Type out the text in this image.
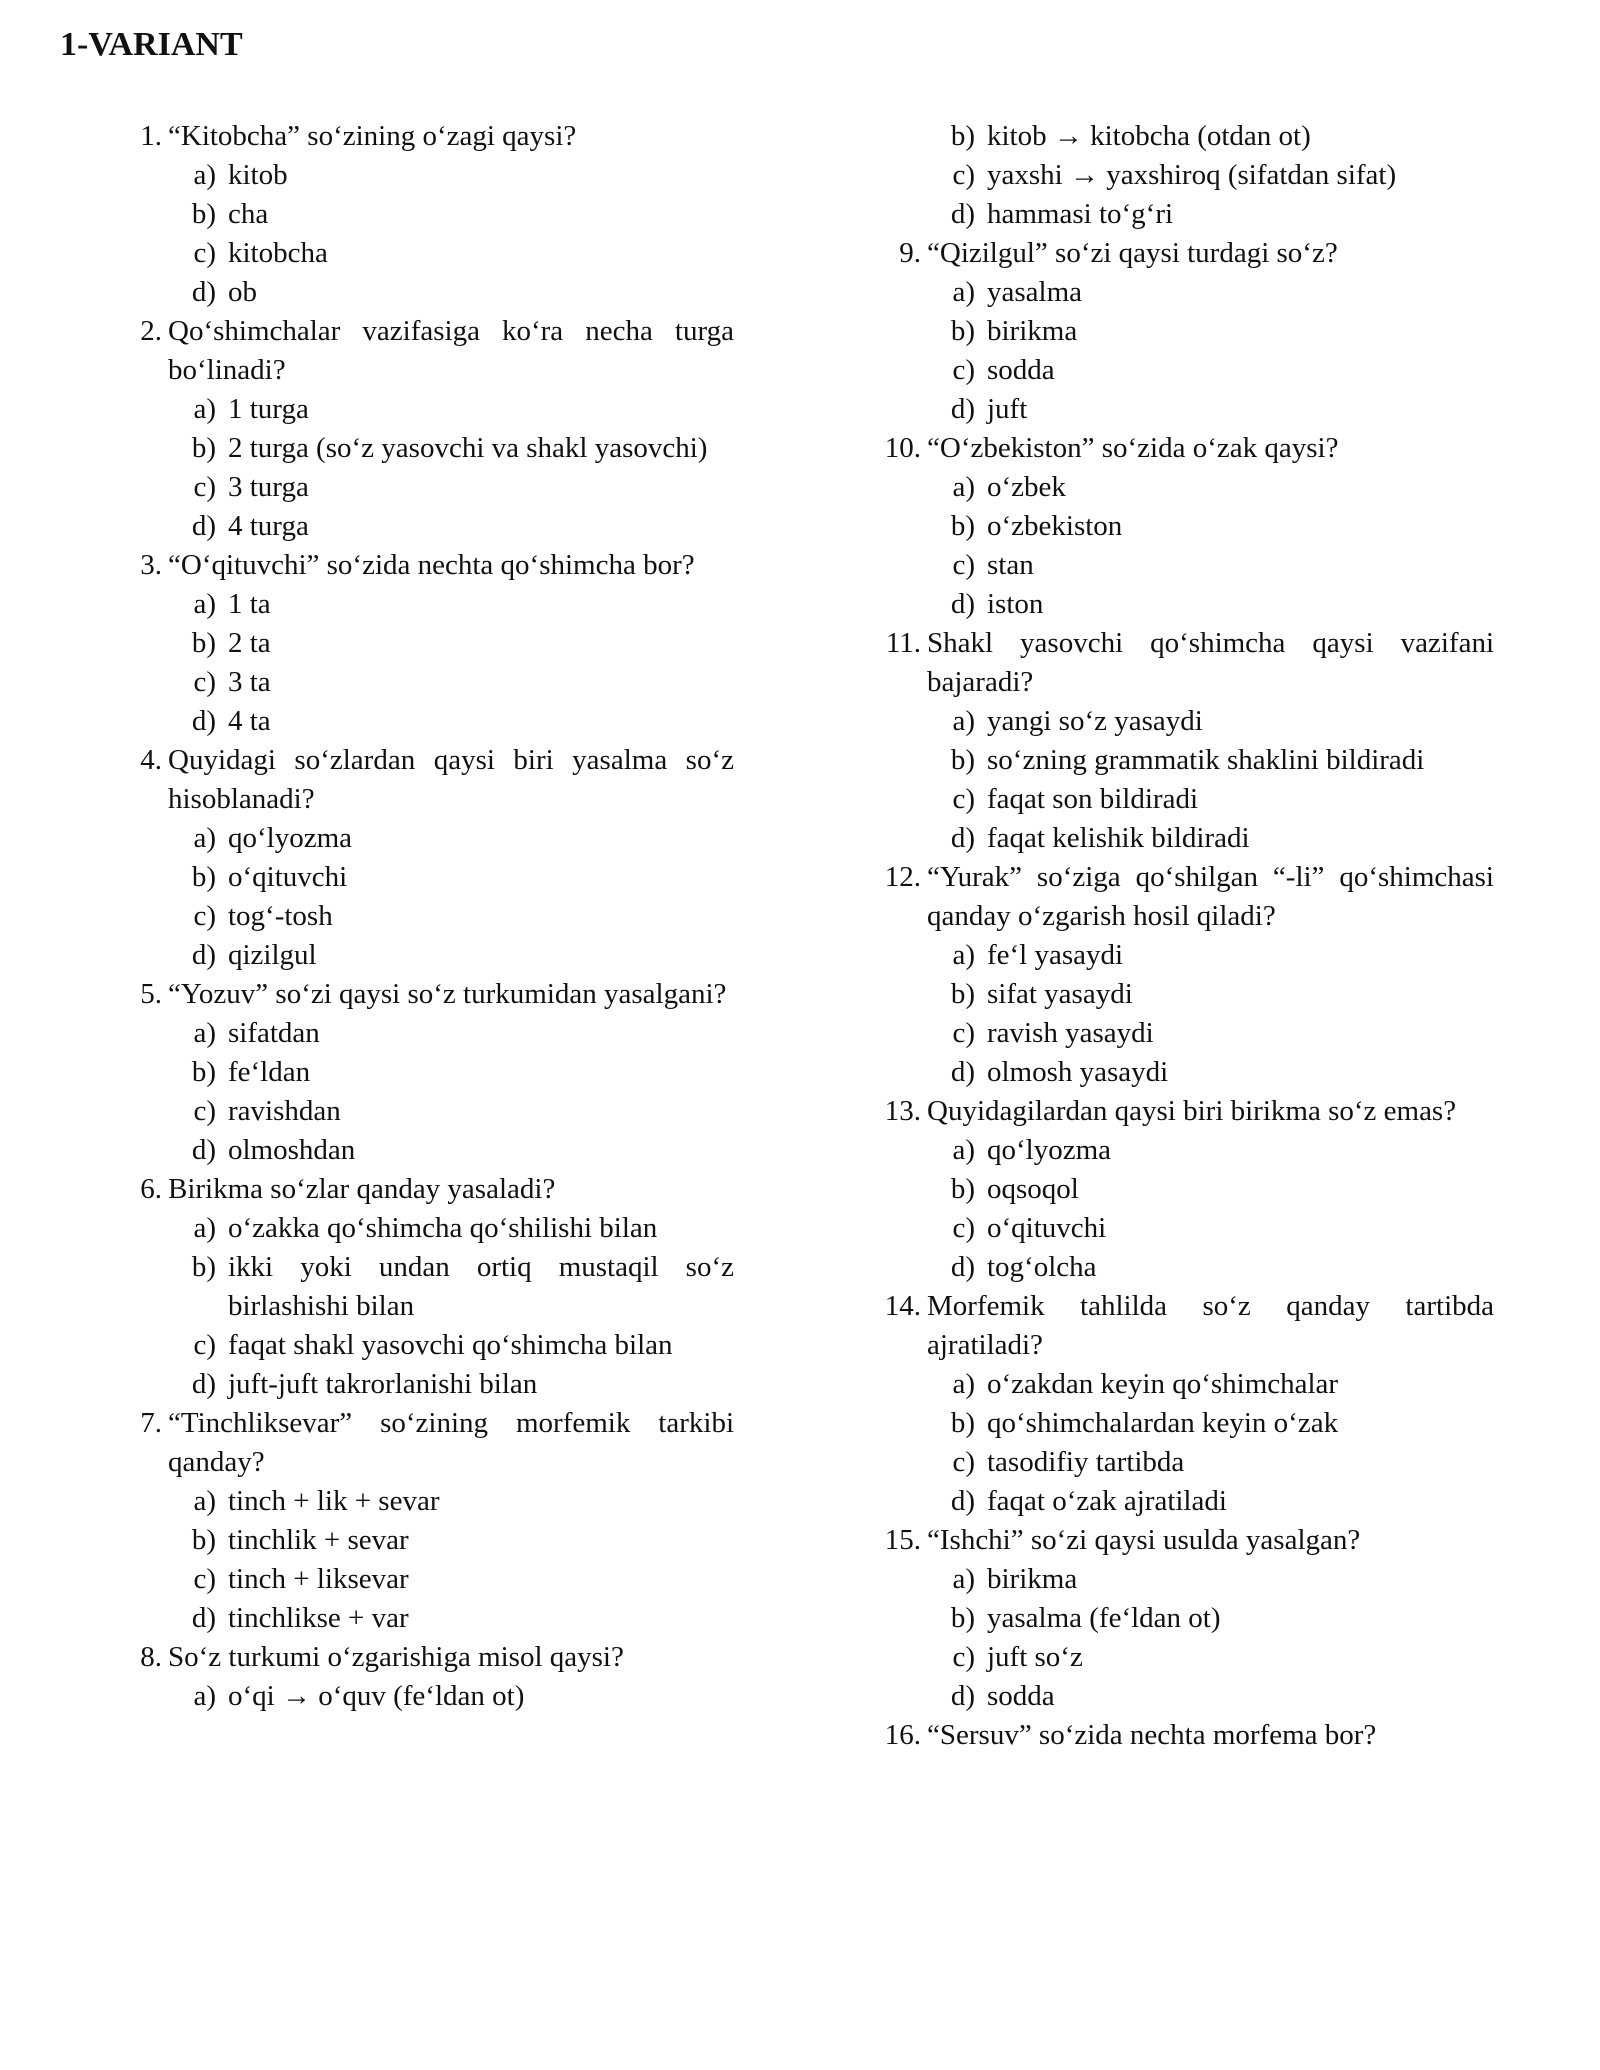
1-VARIANT
1. “Kitobcha” so‘zining o‘zagi qaysi?
a) kitob
b) cha
c) kitobcha
d) ob
2. Qo‘shimchalar vazifasiga ko‘ra necha turga bo‘linadi?
a) 1 turga
b) 2 turga (so‘z yasovchi va shakl yasovchi)
c) 3 turga
d) 4 turga
3. “O‘qituvchi” so‘zida nechta qo‘shimcha bor?
a) 1 ta
b) 2 ta
c) 3 ta
d) 4 ta
4. Quyidagi so‘zlardan qaysi biri yasalma so‘z hisoblanadi?
a) qo‘lyozma
b) o‘qituvchi
c) tog‘-tosh
d) qizilgul
5. “Yozuv” so‘zi qaysi so‘z turkumidan yasalgani?
a) sifatdan
b) fe‘ldan
c) ravishdan
d) olmoshdan
6. Birikma so‘zlar qanday yasaladi?
a) o‘zakka qo‘shimcha qo‘shilishi bilan
b) ikki yoki undan ortiq mustaqil so‘z birlashishi bilan
c) faqat shakl yasovchi qo‘shimcha bilan
d) juft-juft takrorlanishi bilan
7. “Tinchliksevar” so‘zining morfemik tarkibi qanday?
a) tinch + lik + sevar
b) tinchlik + sevar
c) tinch + liksevar
d) tinchlikse + var
8. So‘z turkumi o‘zgarishiga misol qaysi?
a) o‘qi → o‘quv (fe‘ldan ot)
b) kitob → kitobcha (otdan ot)
c) yaxshi → yaxshiroq (sifatdan sifat)
d) hammasi to‘g‘ri
9. “Qizilgul” so‘zi qaysi turdagi so‘z?
a) yasalma
b) birikma
c) sodda
d) juft
10. “O‘zbekiston” so‘zida o‘zak qaysi?
a) o‘zbek
b) o‘zbekiston
c) stan
d) iston
11. Shakl yasovchi qo‘shimcha qaysi vazifani bajaradi?
a) yangi so‘z yasaydi
b) so‘zning grammatik shaklini bildiradi
c) faqat son bildiradi
d) faqat kelishik bildiradi
12. “Yurak” so‘ziga qo‘shilgan “-li” qo‘shimchasi qanday o‘zgarish hosil qiladi?
a) fe‘l yasaydi
b) sifat yasaydi
c) ravish yasaydi
d) olmosh yasaydi
13. Quyidagilardan qaysi biri birikma so‘z emas?
a) qo‘lyozma
b) oqsoqol
c) o‘qituvchi
d) tog‘olcha
14. Morfemik tahlilda so‘z qanday tartibda ajratiladi?
a) o‘zakdan keyin qo‘shimchalar
b) qo‘shimchalardan keyin o‘zak
c) tasodifiy tartibda
d) faqat o‘zak ajratiladi
15. “Ishchi” so‘zi qaysi usulda yasalgan?
a) birikma
b) yasalma (fe‘ldan ot)
c) juft so‘z
d) sodda
16. “Sersuv” so‘zida nechta morfema bor?
